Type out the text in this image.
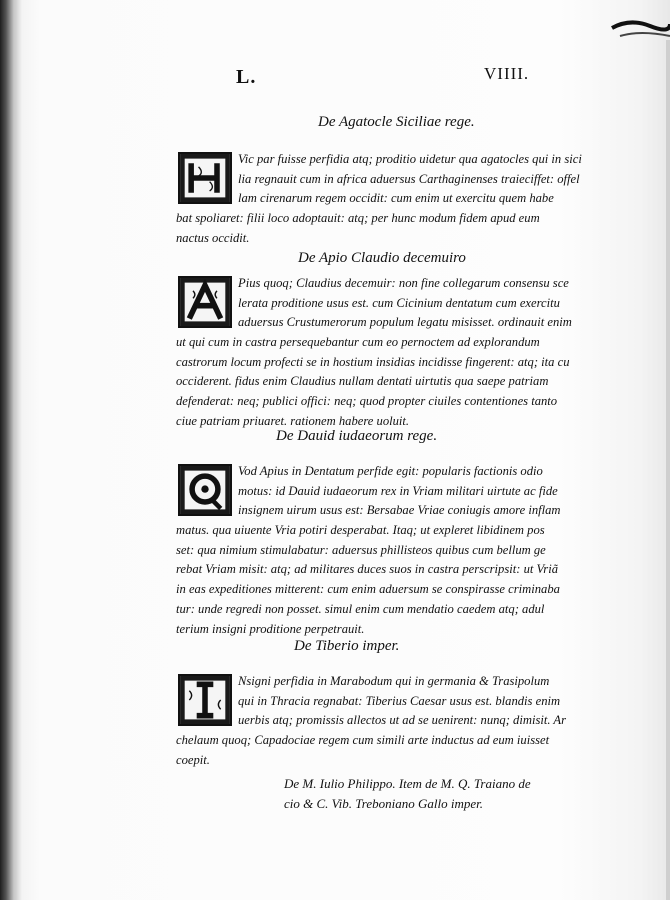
L.	VIIII.
De Agatocle Siciliae rege.
Vic par fuisse perfidia atq; proditio uidetur qua agatocles qui in sici
lia regnauit cum in africa aduersus Carthaginenses traieciffet: offel
lam cirenarum regem occidit: cum enim ut exercitu quem habe
bat spoliaret: filii loco adoptauit: atq; per hunc modum fidem apud eum
nactus occidit.
De Apio Claudio decemuiro
Pius quoq; Claudius decemuir: non fine collegarum consensu sce
lerata proditione usus est. cum Cicinium dentatum cum exercitu
aduersus Crustumerorum populum legatu misisset. ordinauit enim
ut qui cum in castra persequebantur cum eo pernoctem ad explorandum
castrorum locum profecti se in hostium insidias incidisse fingerent: atq; ita cu
occiderent. fidus enim Claudius nullam dentati uirtutis qua saepe patriam
defenderat: neq; publici offici: neq; quod propter ciuiles contentiones tanto
ciue patriam priuaret. rationem habere uoluit.
De Dauid iudaeorum rege.
Vod Apius in Dentatum perfide egit: popularis factionis odio
motus: id Dauid iudaeorum rex in Vriam militari uirtute ac fide
insignem uirum usus est: Bersabae Vriae coniugis amore inflam
matus. qua uiuente Vria potiri desperabat. Itaq; ut expleret libidinem pos
set: qua nimium stimulabatur: aduersus phillisteos quibus cum bellum ge
rebat Vriam misit: atq; ad militares duces suos in castra perscripsit: ut Vriã
in eas expeditiones mitterent: cum enim aduersum se conspirasse criminaba
tur: unde regredi non posset. simul enim cum mendatio caedem atq; adul
terium insigni proditione perpetrauit.
De Tiberio imper.
Nsigni perfidia in Marabodum qui in germania & Trasipolum
qui in Thracia regnabat: Tiberius Caesar usus est. blandis enim
uerbis atq; promissis allectos ut ad se uenirent: nunq; dimisit. Ar
chelaum quoq; Capadociae regem cum simili arte inductus ad eum iuisset
coepit.
De M. Iulio Philippo. Item de M. Q. Traiano de
cio & C. Vib. Treboniano Gallo imper.
